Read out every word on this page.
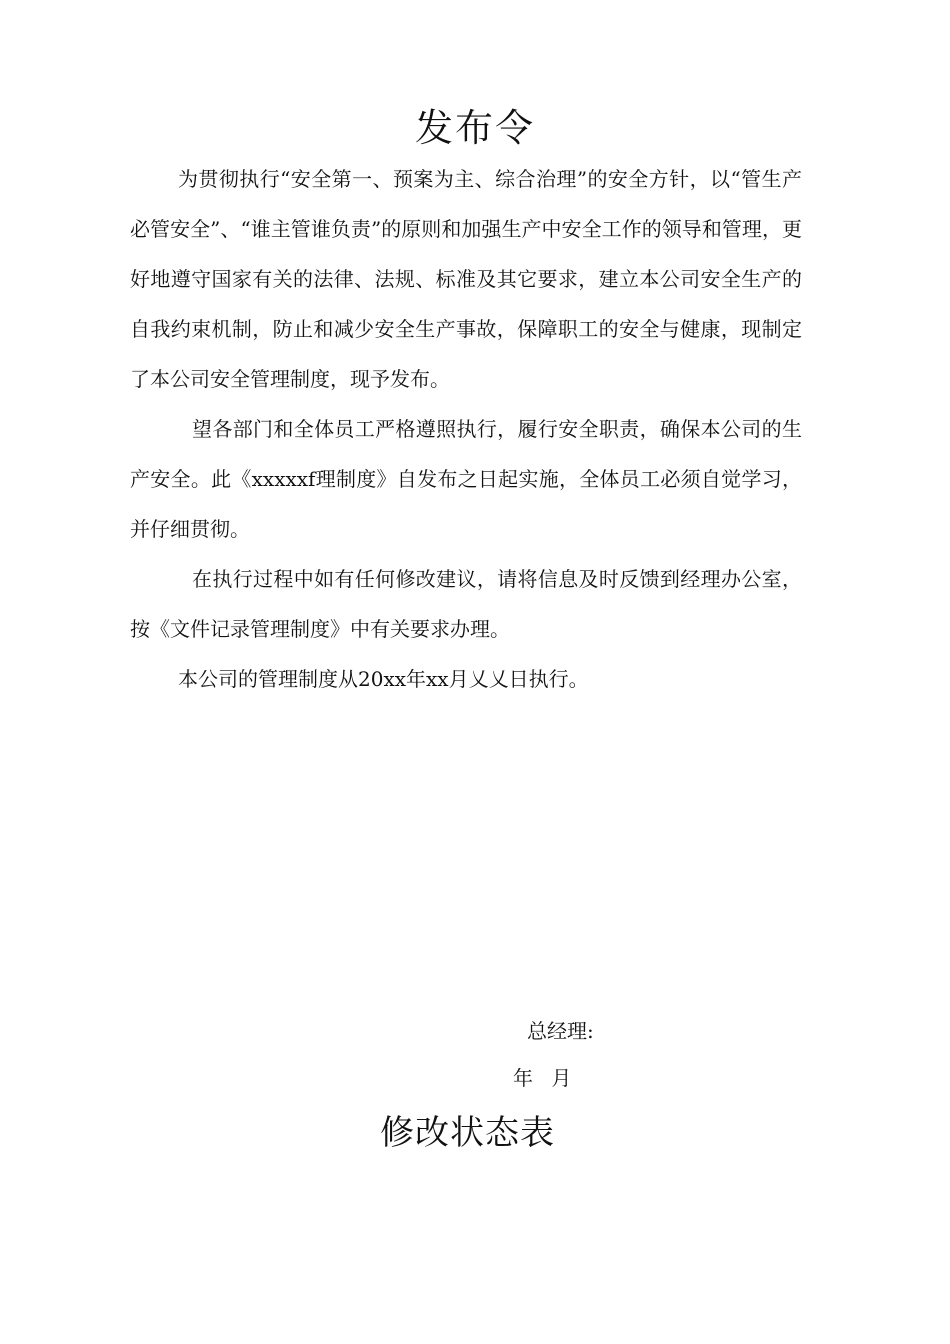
发布令

为贯彻执行“安全第一、预案为主、综合治理”的安全方针，以“管生产必管安全”、“谁主管谁负责”的原则和加强生产中安全工作的领导和管理，更好地遵守国家有关的法律、法规、标准及其它要求，建立本公司安全生产的自我约束机制，防止和减少安全生产事故，保障职工的安全与健康，现制定了本公司安全管理制度，现予发布。

望各部门和全体员工严格遵照执行，履行安全职责，确保本公司的生产安全。此《xxxxxf理制度》自发布之日起实施，全体员工必须自觉学习，并仔细贯彻。

在执行过程中如有任何修改建议，请将信息及时反馈到经理办公室，按《文件记录管理制度》中有关要求办理。

本公司的管理制度从20xx年xx月乂乂日执行。

总经理:
年 月
修改状态表
